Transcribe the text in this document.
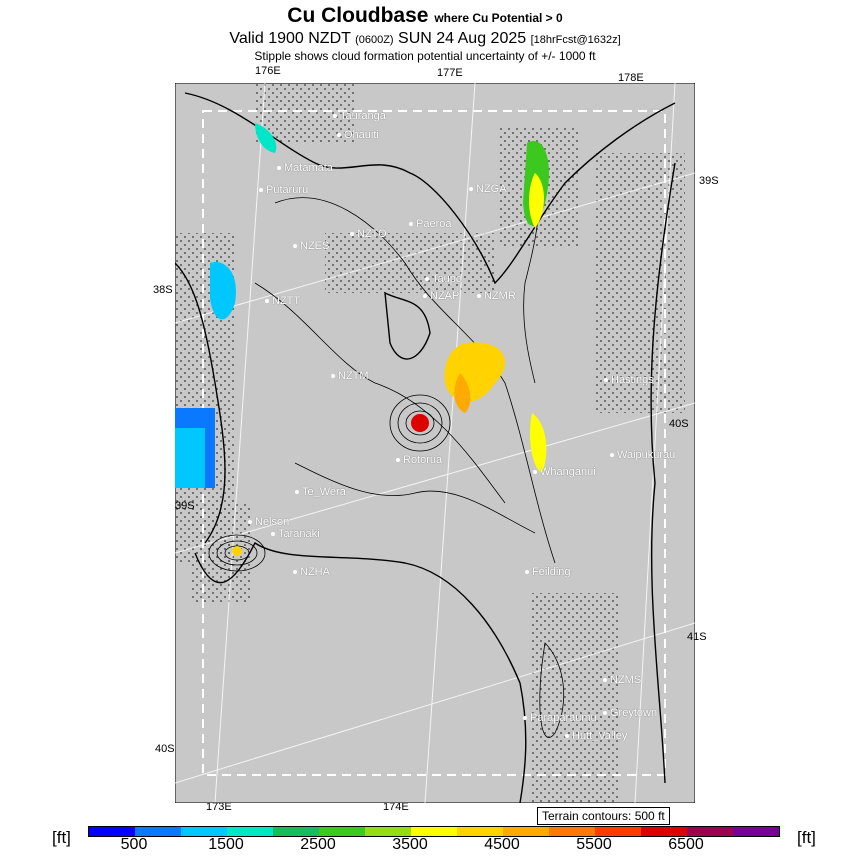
Cu Cloudbase where Cu Potential > 0
Valid 1900 NZDT (0600Z) SUN 24 Aug 2025 [18hrFcst@1632z]
Stipple shows cloud formation potential uncertainty of +/- 1000 ft
176E	177E	178E
173E	174E
39S
38S
40S
39S
41S
40S
Tauranga
Ohauiti
Matamata
Putaruru
Paeroa
NZGA
NZTO
NZES
Taupo
NZAP	NZMR
NZTT
NZTM	Hastings
Rotorua	Waipukurau
Whanganui
Te_Wera
Nelson
Taranaki
NZHA	Feilding
NZMS
Greytown
Paraparaumu
Hutt_Valley
Terrain contours: 500 ft
[ft]	[ft]
500	1500	2500	3500	4500	5500	6500
